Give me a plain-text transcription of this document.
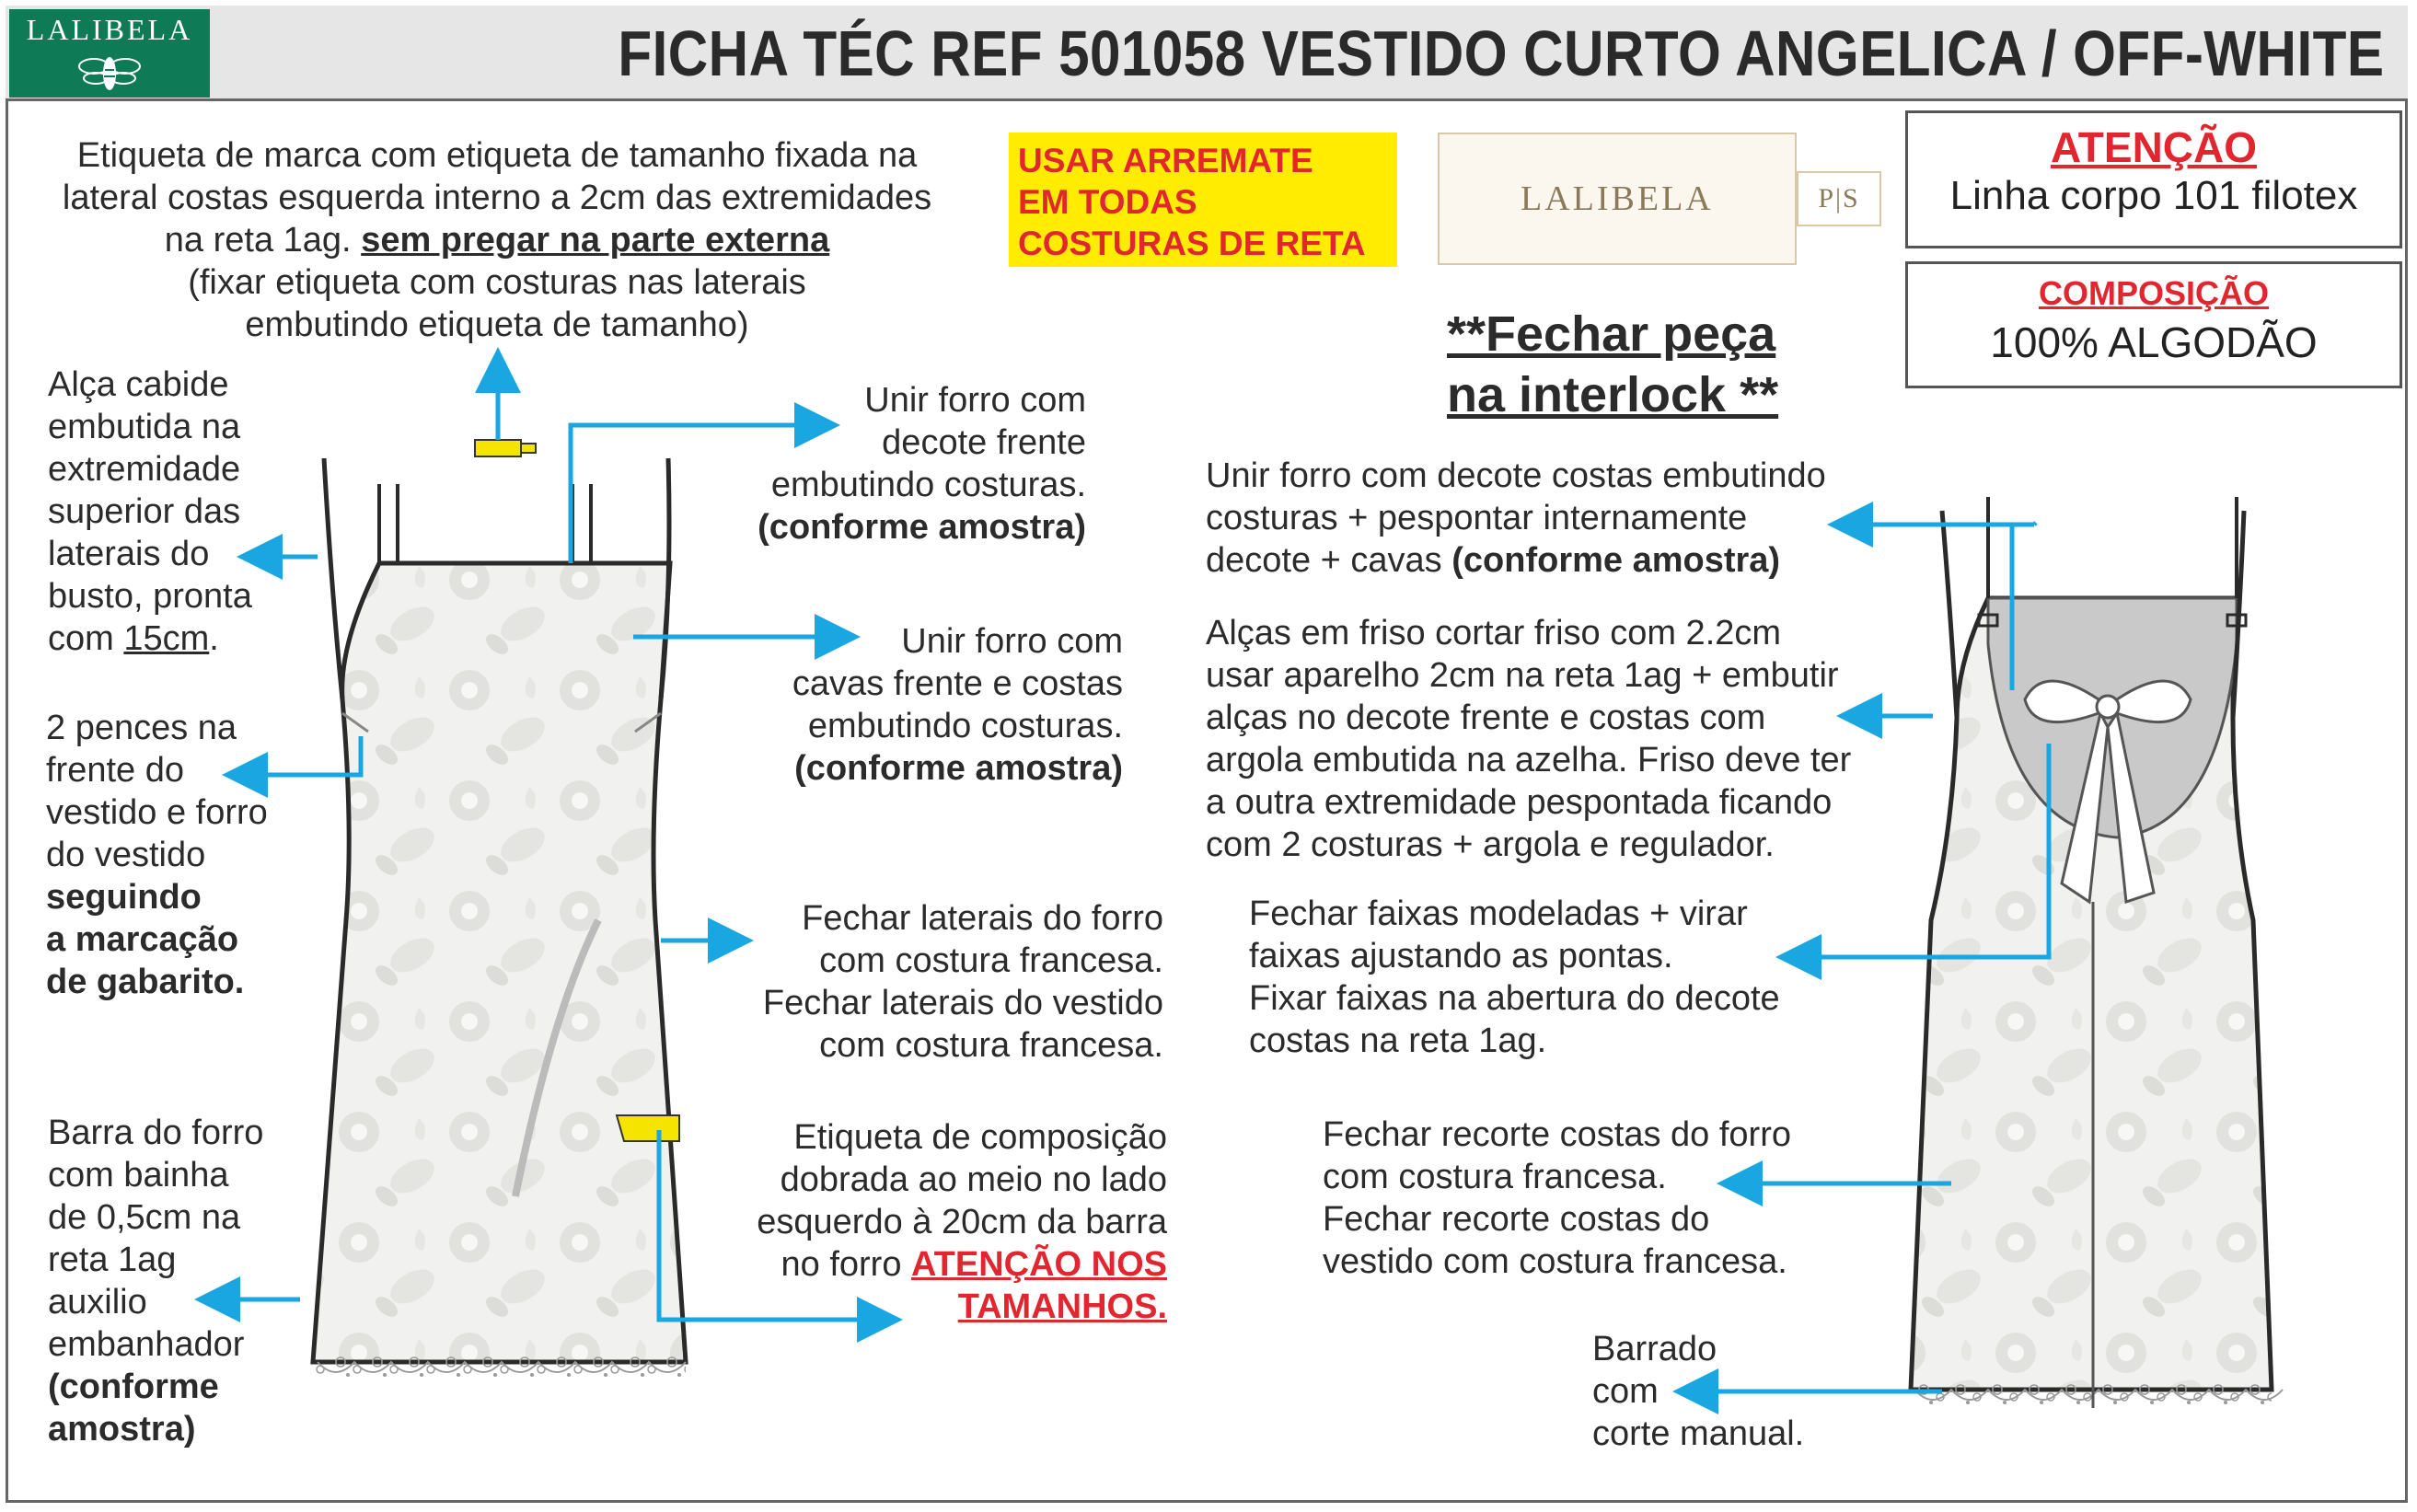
LALIBELA	FICHA TÉC REF 501058 VESTIDO CURTO ANGELICA / OFF-WHITE
Etiqueta de marca com etiqueta de tamanho fixada na
lateral costas esquerda interno a 2cm das extremidades
na reta 1ag. sem pregar na parte externa
(fixar etiqueta com costuras nas laterais
embutindo etiqueta de tamanho)
USAR ARREMATE
EM TODAS
COSTURAS DE RETA
LALIBELA	P|S
ATENÇÃO
Linha corpo 101 filotex
COMPOSIÇÃO
100% ALGODÃO
**Fechar peça
na interlock **
Alça cabide
embutida na
extremidade
superior das
laterais do
busto, pronta
com 15cm.
2 pences na
frente do
vestido e forro
do vestido
seguindo
a marcação
de gabarito.
Barra do forro
com bainha
de 0,5cm na
reta 1ag
auxilio
embanhador
(conforme
amostra)
Unir forro com
decote frente
embutindo costuras.
(conforme amostra)
Unir forro com
cavas frente e costas
embutindo costuras.
(conforme amostra)
Fechar laterais do forro
com costura francesa.
Fechar laterais do vestido
com costura francesa.
Etiqueta de composição
dobrada ao meio no lado
esquerdo à 20cm da barra
no forro ATENÇÃO NOS
TAMANHOS.
Unir forro com decote costas embutindo
costuras + pespontar internamente
decote + cavas (conforme amostra)
Alças em friso cortar friso com 2.2cm
usar aparelho 2cm na reta 1ag + embutir
alças no decote frente e costas com
argola embutida na azelha. Friso deve ter
a outra extremidade pespontada ficando
com 2 costuras + argola e regulador.
Fechar faixas modeladas + virar
faixas ajustando as pontas.
Fixar faixas na abertura do decote
costas na reta 1ag.
Fechar recorte costas do forro
com costura francesa.
Fechar recorte costas do
vestido com costura francesa.
Barrado
com
corte manual.
